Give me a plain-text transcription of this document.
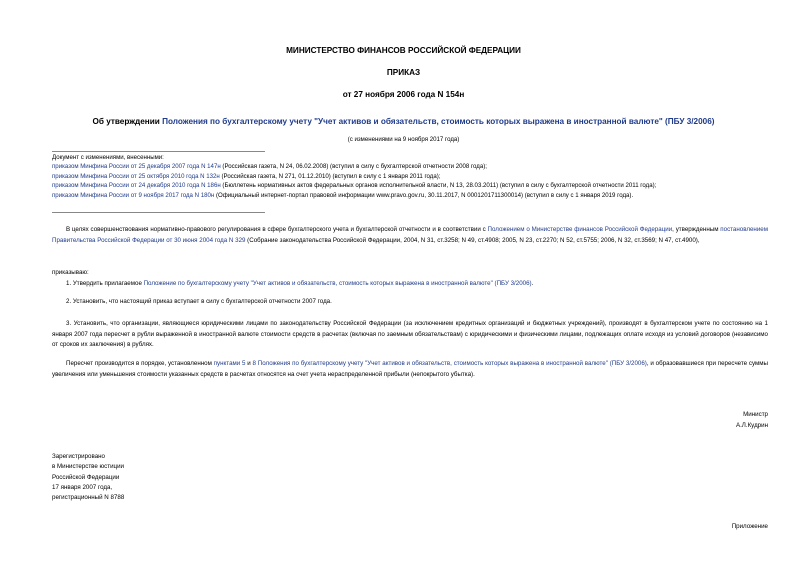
МИНИСТЕРСТВО ФИНАНСОВ РОССИЙСКОЙ ФЕДЕРАЦИИ
ПРИКАЗ
от 27 ноября 2006 года N 154н
Об утверждении Положения по бухгалтерскому учету "Учет активов и обязательств, стоимость которых выражена в иностранной валюте" (ПБУ 3/2006)
(с изменениями на 9 ноября 2017 года)
Документ с изменениями, внесенными:
приказом Минфина России от 25 декабря 2007 года N 147н (Российская газета, N 24, 06.02.2008) (вступил в силу с бухгалтерской отчетности 2008 года);
приказом Минфина России от 25 октября 2010 года N 132н (Российская газета, N 271, 01.12.2010) (вступил в силу с 1 января 2011 года);
приказом Минфина России от 24 декабря 2010 года N 186н (Бюллетень нормативных актов федеральных органов исполнительной власти, N 13, 28.03.2011) (вступил в силу с бухгалтерской отчетности 2011 года);
приказом Минфина России от 9 ноября 2017 года N 180н (Официальный интернет-портал правовой информации www.pravo.gov.ru, 30.11.2017, N 0001201711300014) (вступил в силу с 1 января 2019 года).
В целях совершенствования нормативно-правового регулирования в сфере бухгалтерского учета и бухгалтерской отчетности и в соответствии с Положением о Министерстве финансов Российской Федерации, утвержденным постановлением Правительства Российской Федерации от 30 июня 2004 года N 329 (Собрание законодательства Российской Федерации, 2004, N 31, ст.3258; N 49, ст.4908; 2005, N 23, ст.2270; N 52, ст.5755; 2006, N 32, ст.3569; N 47, ст.4900),
приказываю:
1. Утвердить прилагаемое Положение по бухгалтерскому учету "Учет активов и обязательств, стоимость которых выражена в иностранной валюте" (ПБУ 3/2006).
2. Установить, что настоящий приказ вступает в силу с бухгалтерской отчетности 2007 года.
3. Установить, что организации, являющиеся юридическими лицами по законодательству Российской Федерации (за исключением кредитных организаций и бюджетных учреждений), производят в бухгалтерском учете по состоянию на 1 января 2007 года пересчет в рубли выраженной в иностранной валюте стоимости средств в расчетах (включая по заемным обязательствам) с юридическими и физическими лицами, подлежащих оплате исходя из условий договоров (независимо от сроков их заключения) в рублях.
Пересчет производится в порядке, установленном пунктами 5 и 8 Положения по бухгалтерскому учету "Учет активов и обязательств, стоимость которых выражена в иностранной валюте" (ПБУ 3/2006), и образовавшиеся при пересчете суммы увеличения или уменьшения стоимости указанных средств в расчетах относятся на счет учета нераспределенной прибыли (непокрытого убытка).
Министр
А.Л.Кудрин
Зарегистрировано
в Министерстве юстиции
Российской Федерации
17 января 2007 года,
регистрационный N 8788
Приложение
